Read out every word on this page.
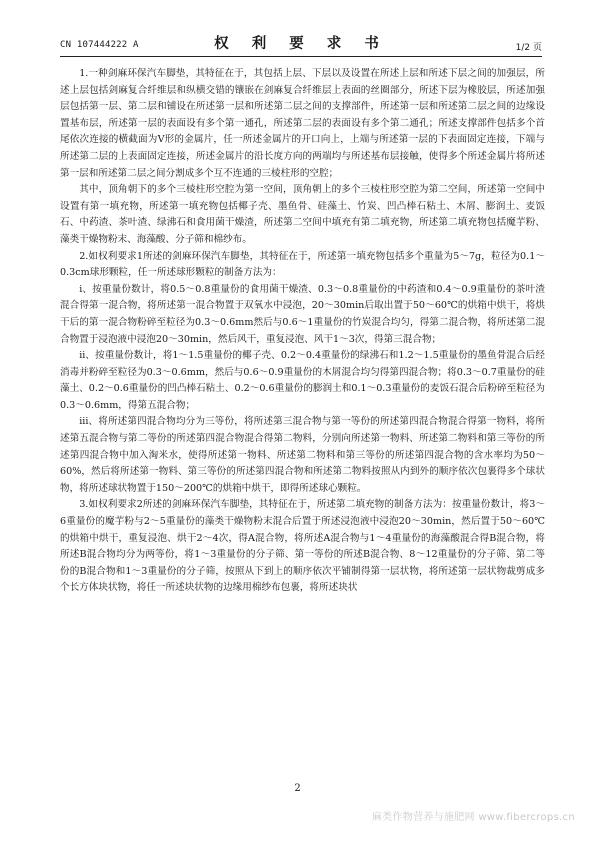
CN 107444222 A	权 利 要 求 书	1/2 页

1.一种剑麻环保汽车脚垫，其特征在于，其包括上层、下层以及设置在所述上层和所述下层之间的加强层，所述上层包括剑麻复合纤维层和纵横交错的镶嵌在剑麻复合纤维层上表面的丝圈部分，所述下层为橡胶层，所述加强层包括第一层、第二层和铺设在所述第一层和所述第二层之间的支撑部件，所述第一层和所述第二层之间的边缘设置基布层，所述第一层的表面设有多个第一通孔，所述第二层的表面设有多个第二通孔；所述支撑部件包括多个首尾依次连接的横截面为V形的金属片，任一所述金属片的开口向上，上端与所述第一层的下表面固定连接，下端与所述第二层的上表面固定连接，所述金属片的沿长度方向的两端均与所述基布层接触，使得多个所述金属片将所述第一层和所述第二层之间分割成多个互不连通的三棱柱形的空腔；

其中，顶角朝下的多个三棱柱形空腔为第一空间，顶角朝上的多个三棱柱形空腔为第二空间，所述第一空间中设置有第一填充物，所述第一填充物包括椰子壳、墨鱼骨、硅藻土、竹炭、凹凸棒石粘土、木屑、膨润土、麦饭石、中药渣、茶叶渣、绿沸石和食用菌干燥渣，所述第二空间中填充有第二填充物，所述第二填充物包括魔芋粉、藻类干燥物粉末、海藻酸、分子筛和棉纱布。

2.如权利要求1所述的剑麻环保汽车脚垫，其特征在于，所述第一填充物包括多个重量为5～7g，粒径为0.1～0.3cm球形颗粒，任一所述球形颗粒的制备方法为：

i、按重量份数计，将0.5～0.8重量份的食用菌干燥渣、0.3～0.8重量份的中药渣和0.4～0.9重量份的茶叶渣混合得第一混合物，将所述第一混合物置于双氧水中浸泡，20～30min后取出置于50～60℃的烘箱中烘干，将烘干后的第一混合物粉碎至粒径为0.3～0.6mm然后与0.6～1重量份的竹炭混合均匀，得第二混合物，将所述第二混合物置于浸泡液中浸泡20～30min，然后风干，重复浸泡、风干1～3次，得第三混合物；

ii、按重量份数计，将1～1.5重量份的椰子壳、0.2～0.4重量份的绿沸石和1.2～1.5重量份的墨鱼骨混合后经消毒并粉碎至粒径为0.3～0.6mm，然后与0.6～0.9重量份的木屑混合均匀得第四混合物；将0.3～0.7重量份的硅藻土、0.2～0.6重量份的凹凸棒石粘土、0.2～0.6重量份的膨润土和0.1～0.3重量份的麦饭石混合后粉碎至粒径为0.3～0.6mm，得第五混合物；

iii、将所述第四混合物均分为三等份，将所述第三混合物与第一等份的所述第四混合物混合得第一物料，将所述第五混合物与第二等份的所述第四混合物混合得第二物料，分别向所述第一物料、所述第二物料和第三等份的所述第四混合物中加入淘米水，使得所述第一物料、所述第二物料和第三等份的所述第四混合物的含水率均为50～60%，然后将所述第一物料、第三等份的所述第四混合物和所述第二物料按照从内到外的顺序依次包裹得多个球状物，将所述球状物置于150～200℃的烘箱中烘干，即得所述球心颗粒。

3.如权利要求2所述的剑麻环保汽车脚垫，其特征在于，所述第二填充物的制备方法为：按重量份数计，将3～6重量份的魔芋粉与2～5重量份的藻类干燥物粉末混合后置于所述浸泡液中浸泡20～30min，然后置于50～60℃的烘箱中烘干，重复浸泡、烘干2～4次，得A混合物，将所述A混合物与1～4重量份的海藻酸混合得B混合物，将所述B混合物均分为两等份，将1～3重量份的分子筛、第一等份的所述B混合物、8～12重量份的分子筛、第二等份的B混合物和1～3重量份的分子筛，按照从下到上的顺序依次平铺制得第一层状物，将所述第一层状物裁剪成多个长方体块状物，将任一所述块状物的边缘用棉纱布包裹，将所述块状

2
麻类作物营养与施肥网 www.fibercrops.cn
